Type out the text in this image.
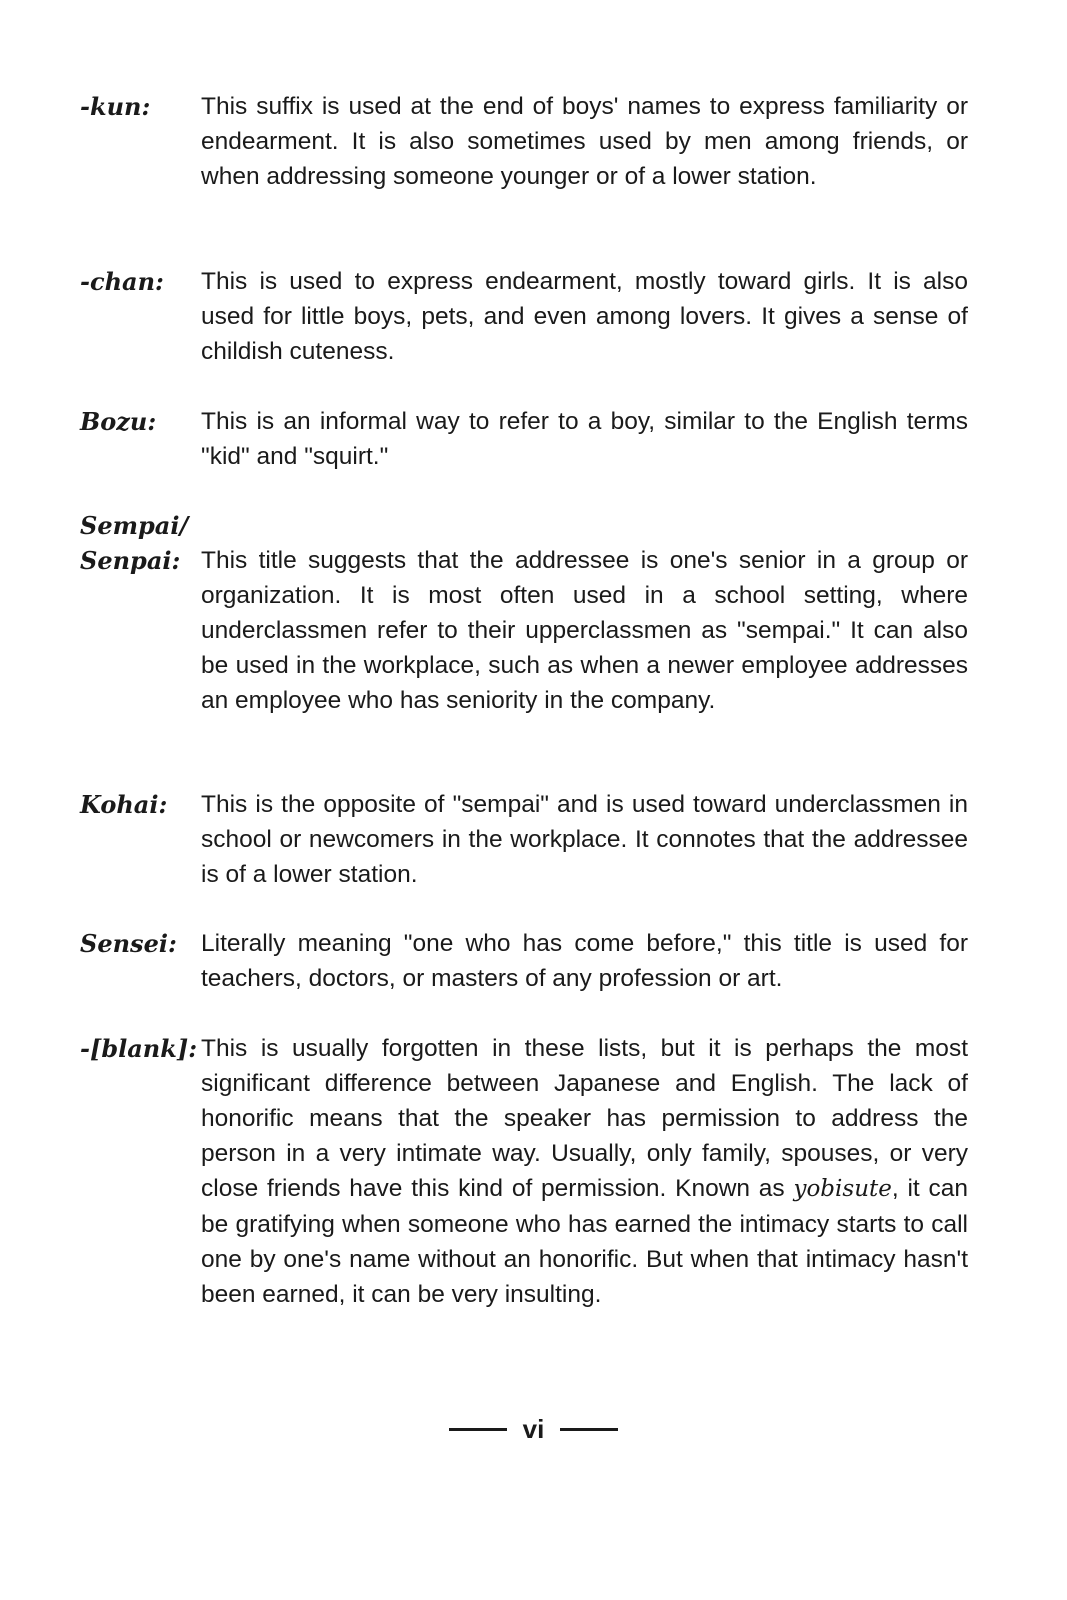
-kun: This suffix is used at the end of boys' names to express familiarity or endearment. It is also sometimes used by men among friends, or when addressing someone younger or of a lower station.
-chan: This is used to express endearment, mostly toward girls. It is also used for little boys, pets, and even among lovers. It gives a sense of childish cuteness.
Bozu: This is an informal way to refer to a boy, similar to the English terms "kid" and "squirt."
Sempai/
Senpai: This title suggests that the addressee is one's senior in a group or organization. It is most often used in a school setting, where underclassmen refer to their upperclassmen as "sempai." It can also be used in the workplace, such as when a newer employee addresses an employee who has seniority in the company.
Kohai: This is the opposite of "sempai" and is used toward underclassmen in school or newcomers in the workplace. It connotes that the addressee is of a lower station.
Sensei: Literally meaning "one who has come before," this title is used for teachers, doctors, or masters of any profession or art.
-[blank]: This is usually forgotten in these lists, but it is perhaps the most significant difference between Japanese and English. The lack of honorific means that the speaker has permission to address the person in a very intimate way. Usually, only family, spouses, or very close friends have this kind of permission. Known as yobisute, it can be gratifying when someone who has earned the intimacy starts to call one by one's name without an honorific. But when that intimacy hasn't been earned, it can be very insulting.
vi
